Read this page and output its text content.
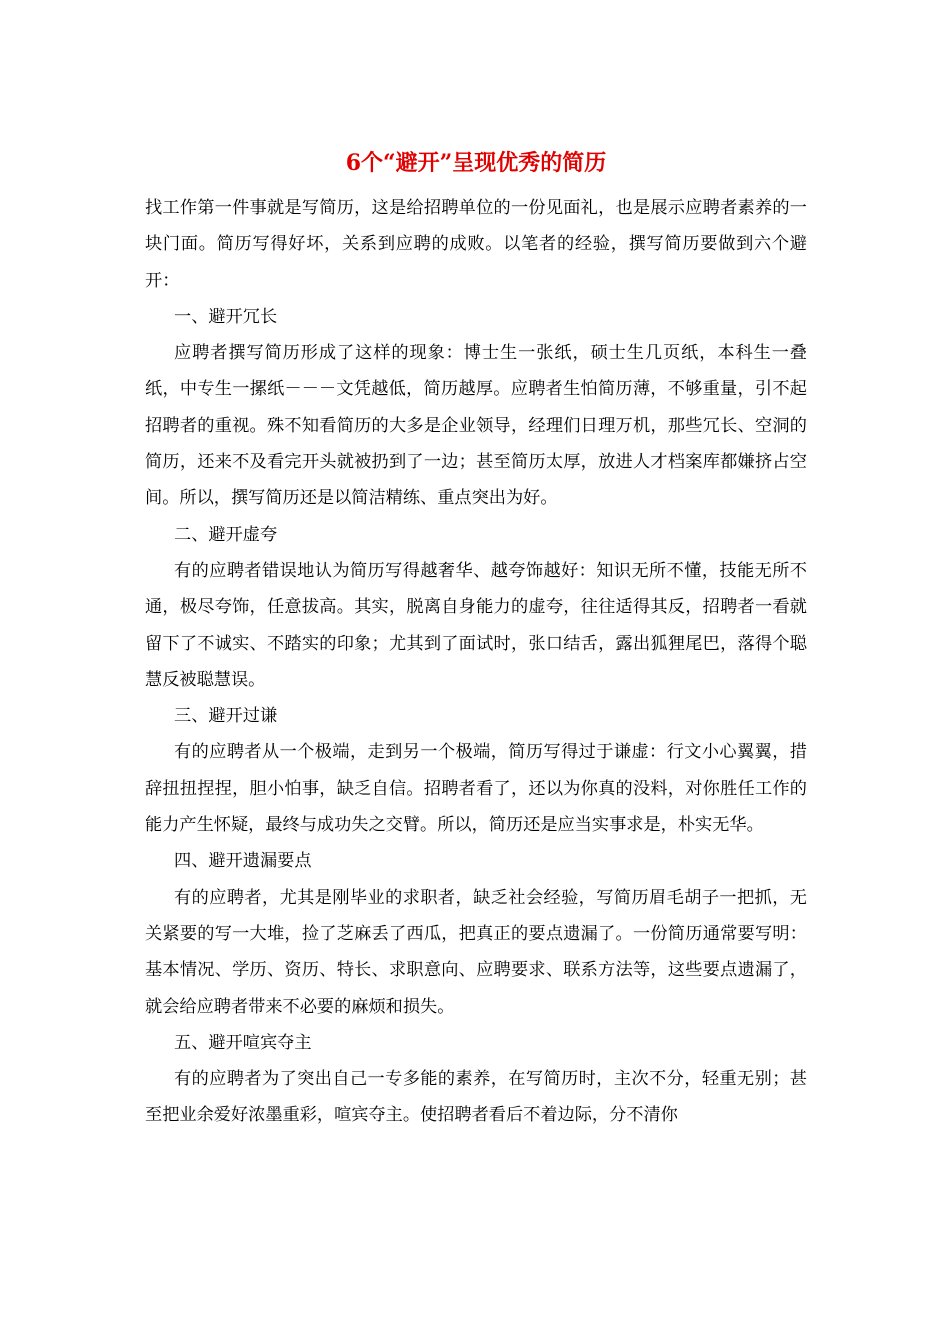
6个“避开”呈现优秀的简历

找工作第一件事就是写简历，这是给招聘单位的一份见面礼，也是展示应聘者素养的一块门面。简历写得好坏，关系到应聘的成败。以笔者的经验，撰写简历要做到六个避开：

一、避开冗长

应聘者撰写简历形成了这样的现象：博士生一张纸，硕士生几页纸，本科生一叠纸，中专生一摞纸－－－文凭越低，简历越厚。应聘者生怕简历薄，不够重量，引不起招聘者的重视。殊不知看简历的大多是企业领导，经理们日理万机，那些冗长、空洞的简历，还来不及看完开头就被扔到了一边；甚至简历太厚，放进人才档案库都嫌挤占空间。所以，撰写简历还是以简洁精练、重点突出为好。

二、避开虚夸

有的应聘者错误地认为简历写得越奢华、越夸饰越好：知识无所不懂，技能无所不通，极尽夸饰，任意拔高。其实，脱离自身能力的虚夸，往往适得其反，招聘者一看就留下了不诚实、不踏实的印象；尤其到了面试时，张口结舌，露出狐狸尾巴，落得个聪慧反被聪慧误。

三、避开过谦

有的应聘者从一个极端，走到另一个极端，简历写得过于谦虚：行文小心翼翼，措辞扭扭捏捏，胆小怕事，缺乏自信。招聘者看了，还以为你真的没料，对你胜任工作的能力产生怀疑，最终与成功失之交臂。所以，简历还是应当实事求是，朴实无华。

四、避开遗漏要点

有的应聘者，尤其是刚毕业的求职者，缺乏社会经验，写简历眉毛胡子一把抓，无关紧要的写一大堆，捡了芝麻丢了西瓜，把真正的要点遗漏了。一份简历通常要写明：基本情况、学历、资历、特长、求职意向、应聘要求、联系方法等，这些要点遗漏了，就会给应聘者带来不必要的麻烦和损失。

五、避开喧宾夺主

有的应聘者为了突出自己一专多能的素养，在写简历时，主次不分，轻重无别；甚至把业余爱好浓墨重彩，喧宾夺主。使招聘者看后不着边际，分不清你
